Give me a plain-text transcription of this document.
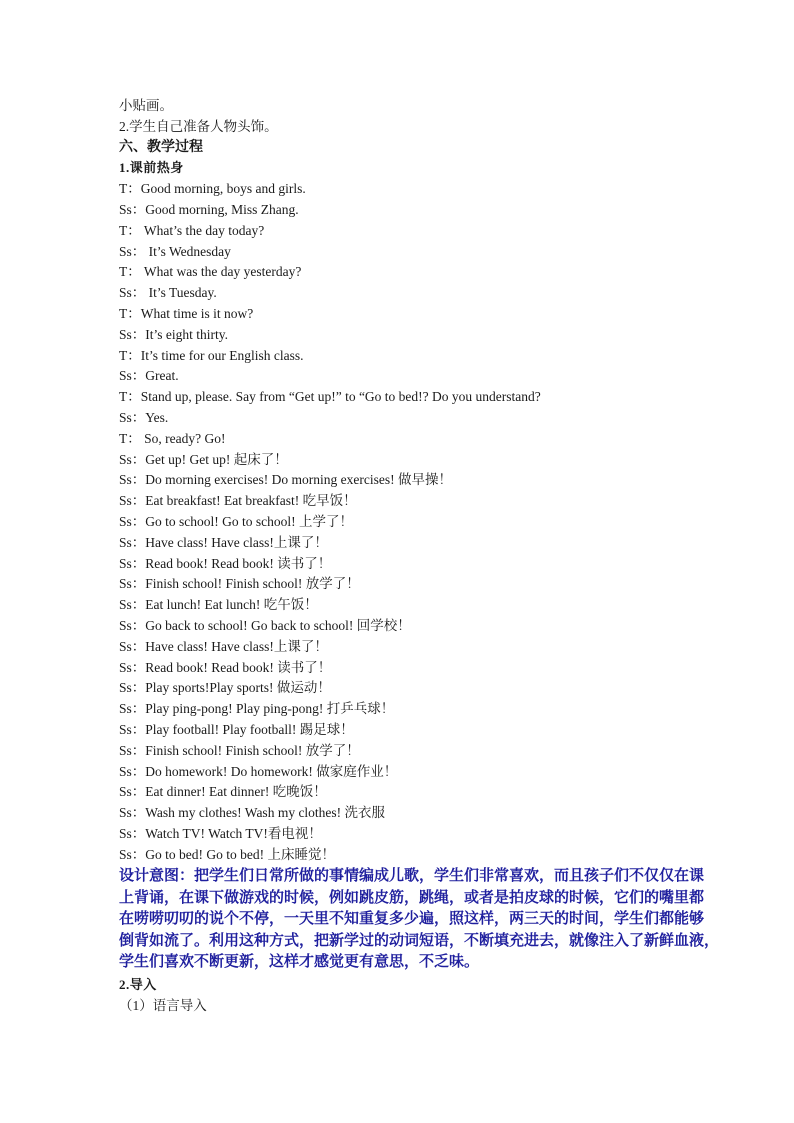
小贴画。
2.学生自己准备人物头饰。
六、教学过程
1.课前热身
T：Good morning, boys and girls.
Ss：Good morning, Miss Zhang.
T： What’s the day today?
Ss： It’s Wednesday
T： What was the day yesterday?
Ss： It’s Tuesday.
T：What time is it now?
Ss：It’s eight thirty.
T：It’s time for our English class.
Ss：Great.
T：Stand up, please. Say from “Get up!” to “Go to bed!? Do you understand?
Ss：Yes.
T： So, ready? Go!
Ss：Get up! Get up! 起床了！
Ss：Do morning exercises! Do morning exercises! 做早操！
Ss：Eat breakfast! Eat breakfast! 吃早饭！
Ss：Go to school! Go to school! 上学了！
Ss：Have class! Have class!上课了！
Ss：Read book! Read book! 读书了！
Ss：Finish school! Finish school! 放学了！
Ss：Eat lunch! Eat lunch! 吃午饭！
Ss：Go back to school! Go back to school! 回学校！
Ss：Have class! Have class!上课了！
Ss：Read book! Read book! 读书了！
Ss：Play sports!Play sports! 做运动！
Ss：Play ping-pong! Play ping-pong! 打乒乓球！
Ss：Play football! Play football! 踢足球！
Ss：Finish school! Finish school! 放学了！
Ss：Do homework! Do homework! 做家庭作业！
Ss：Eat dinner! Eat dinner! 吃晚饭！
Ss：Wash my clothes! Wash my clothes! 洗衣服
Ss：Watch TV! Watch TV!看电视！
Ss：Go to bed! Go to bed! 上床睡觉！
设计意图：把学生们日常所做的事情编成儿歌，学生们非常喜欢，而且孩子们不仅仅在课
上背诵，在课下做游戏的时候，例如跳皮筋，跳绳，或者是拍皮球的时候，它们的嘴里都
在唠唠叨叨的说个不停，一天里不知重复多少遍，照这样，两三天的时间，学生们都能够
倒背如流了。利用这种方式，把新学过的动词短语，不断填充进去，就像注入了新鲜血液，
学生们喜欢不断更新，这样才感觉更有意思，不乏味。
2.导入
（1）语言导入
